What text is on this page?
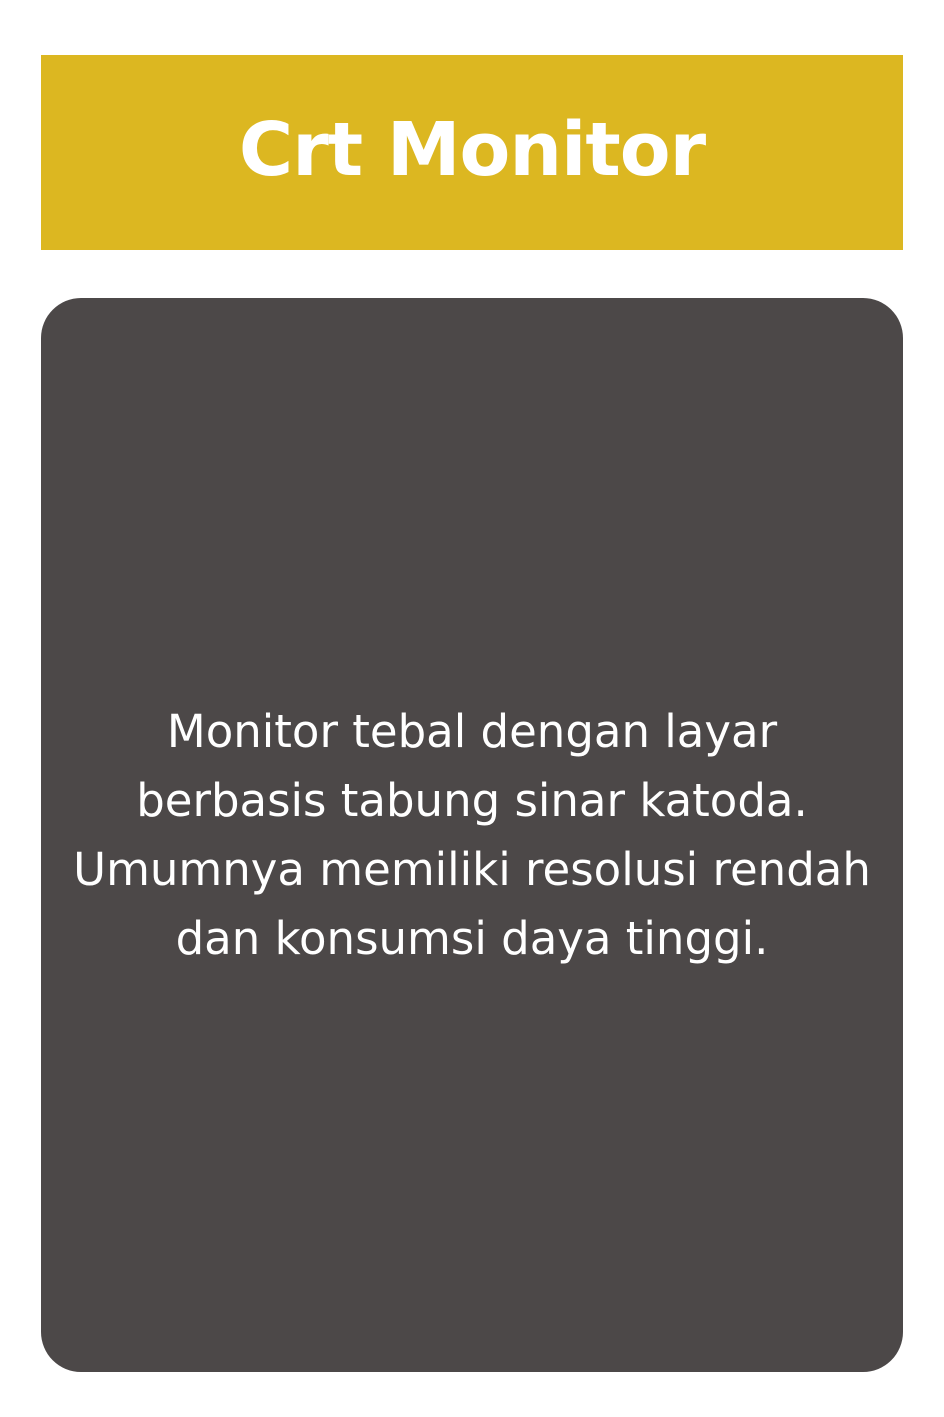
Crt Monitor

Monitor tebal dengan layar
berbasis tabung sinar katoda.
Umumnya memiliki resolusi rendah
dan konsumsi daya tinggi.
